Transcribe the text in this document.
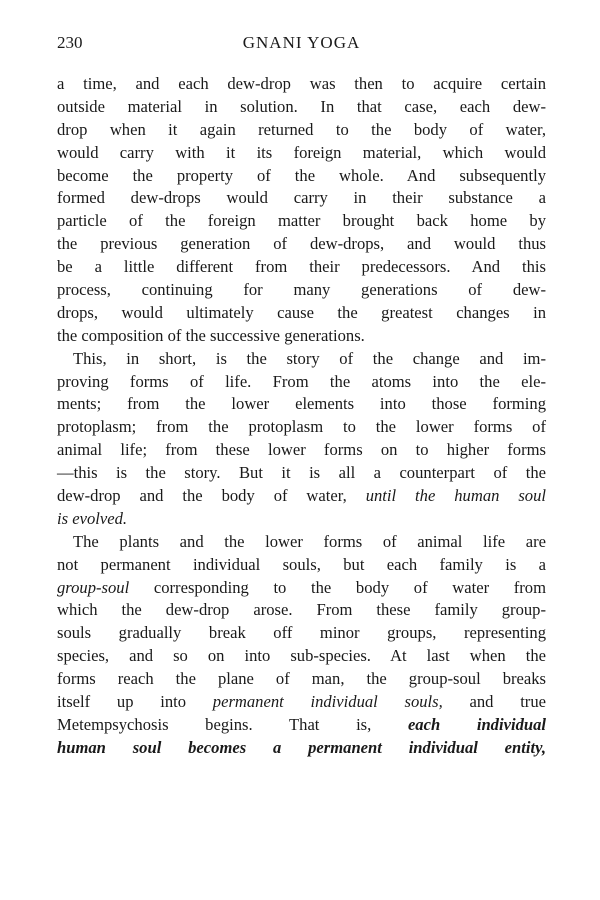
230	GNANI YOGA
a time, and each dew-drop was then to acquire certain
outside material in solution. In that case, each dew-
drop when it again returned to the body of water,
would carry with it its foreign material, which would
become the property of the whole. And subsequently
formed dew-drops would carry in their substance a
particle of the foreign matter brought back home by
the previous generation of dew-drops, and would thus
be a little different from their predecessors. And this
process, continuing for many generations of dew-
drops, would ultimately cause the greatest changes in
the composition of the successive generations.
This, in short, is the story of the change and im-
proving forms of life. From the atoms into the ele-
ments; from the lower elements into those forming
protoplasm; from the protoplasm to the lower forms of
animal life; from these lower forms on to higher forms
—this is the story. But it is all a counterpart of the
dew-drop and the body of water, until the human soul
is evolved.
The plants and the lower forms of animal life are
not permanent individual souls, but each family is a
group-soul corresponding to the body of water from
which the dew-drop arose. From these family group-
souls gradually break off minor groups, representing
species, and so on into sub-species. At last when the
forms reach the plane of man, the group-soul breaks
itself up into permanent individual souls, and true
Metempsychosis begins. That is, each individual
human soul becomes a permanent individual entity,
